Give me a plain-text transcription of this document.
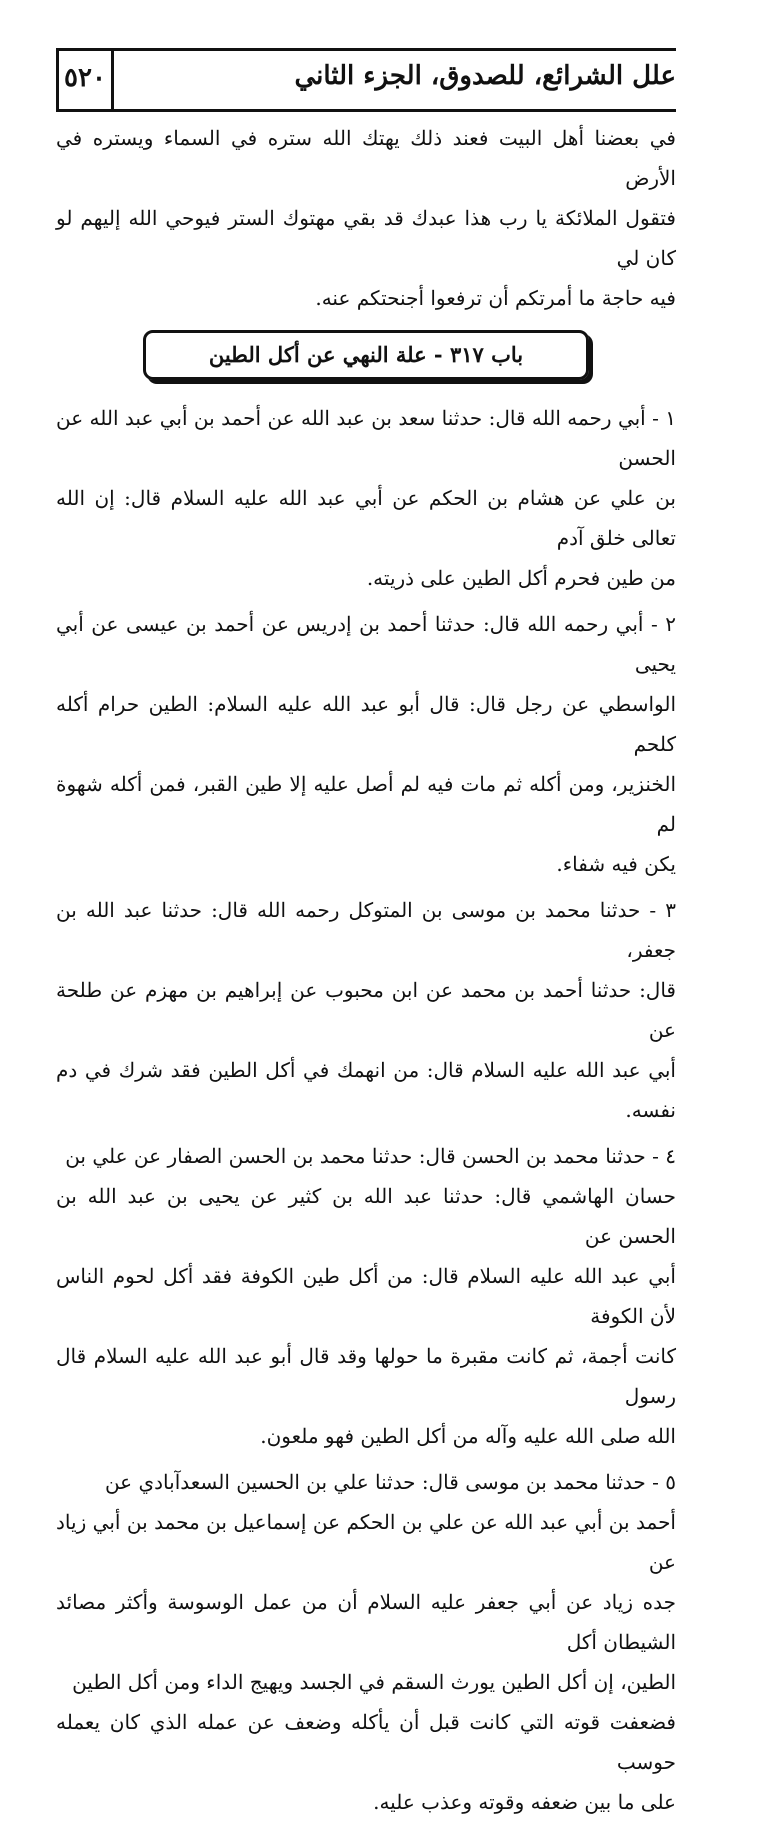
علل الشرائع، للصدوق، الجزء الثاني
٥٢٠

في بعضنا أهل البيت فعند ذلك يهتك الله ستره في السماء ويستره في الأرض

فتقول الملائكة يا رب هذا عبدك قد بقي مهتوك الستر فيوحي الله إليهم لو كان لي

فيه حاجة ما أمرتكم أن ترفعوا أجنحتكم عنه.

باب ٣١٧ - علة النهي عن أكل الطين

١ - أبي رحمه الله قال: حدثنا سعد بن عبد الله عن أحمد بن أبي عبد الله عن الحسن

بن علي عن هشام بن الحكم عن أبي عبد الله عليه السلام قال: إن الله تعالى خلق آدم

من طين فحرم أكل الطين على ذريته.

٢ - أبي رحمه الله قال: حدثنا أحمد بن إدريس عن أحمد بن عيسى عن أبي يحيى

الواسطي عن رجل قال: قال أبو عبد الله عليه السلام: الطين حرام أكله كلحم

الخنزير، ومن أكله ثم مات فيه لم أصل عليه إلا طين القبر، فمن أكله شهوة لم

يكن فيه شفاء.

٣ - حدثنا محمد بن موسى بن المتوكل رحمه الله قال: حدثنا عبد الله بن جعفر،

قال: حدثنا أحمد بن محمد عن ابن محبوب عن إبراهيم بن مهزم عن طلحة عن

أبي عبد الله عليه السلام قال: من انهمك في أكل الطين فقد شرك في دم نفسه.

٤ - حدثنا محمد بن الحسن قال: حدثنا محمد بن الحسن الصفار عن علي بن

حسان الهاشمي قال: حدثنا عبد الله بن كثير عن يحيى بن عبد الله بن الحسن عن

أبي عبد الله عليه السلام قال: من أكل طين الكوفة فقد أكل لحوم الناس لأن الكوفة

كانت أجمة، ثم كانت مقبرة ما حولها وقد قال أبو عبد الله عليه السلام قال رسول

الله صلى الله عليه وآله من أكل الطين فهو ملعون.

٥ - حدثنا محمد بن موسى قال: حدثنا علي بن الحسين السعدآبادي عن

أحمد بن أبي عبد الله عن علي بن الحكم عن إسماعيل بن محمد بن أبي زياد عن

جده زياد عن أبي جعفر عليه السلام أن من عمل الوسوسة وأكثر مصائد الشيطان أكل

الطين، إن أكل الطين يورث السقم في الجسد ويهيج الداء ومن أكل الطين

فضعفت قوته التي كانت قبل أن يأكله وضعف عن عمله الذي كان يعمله حوسب

على ما بين ضعفه وقوته وعذب عليه.
